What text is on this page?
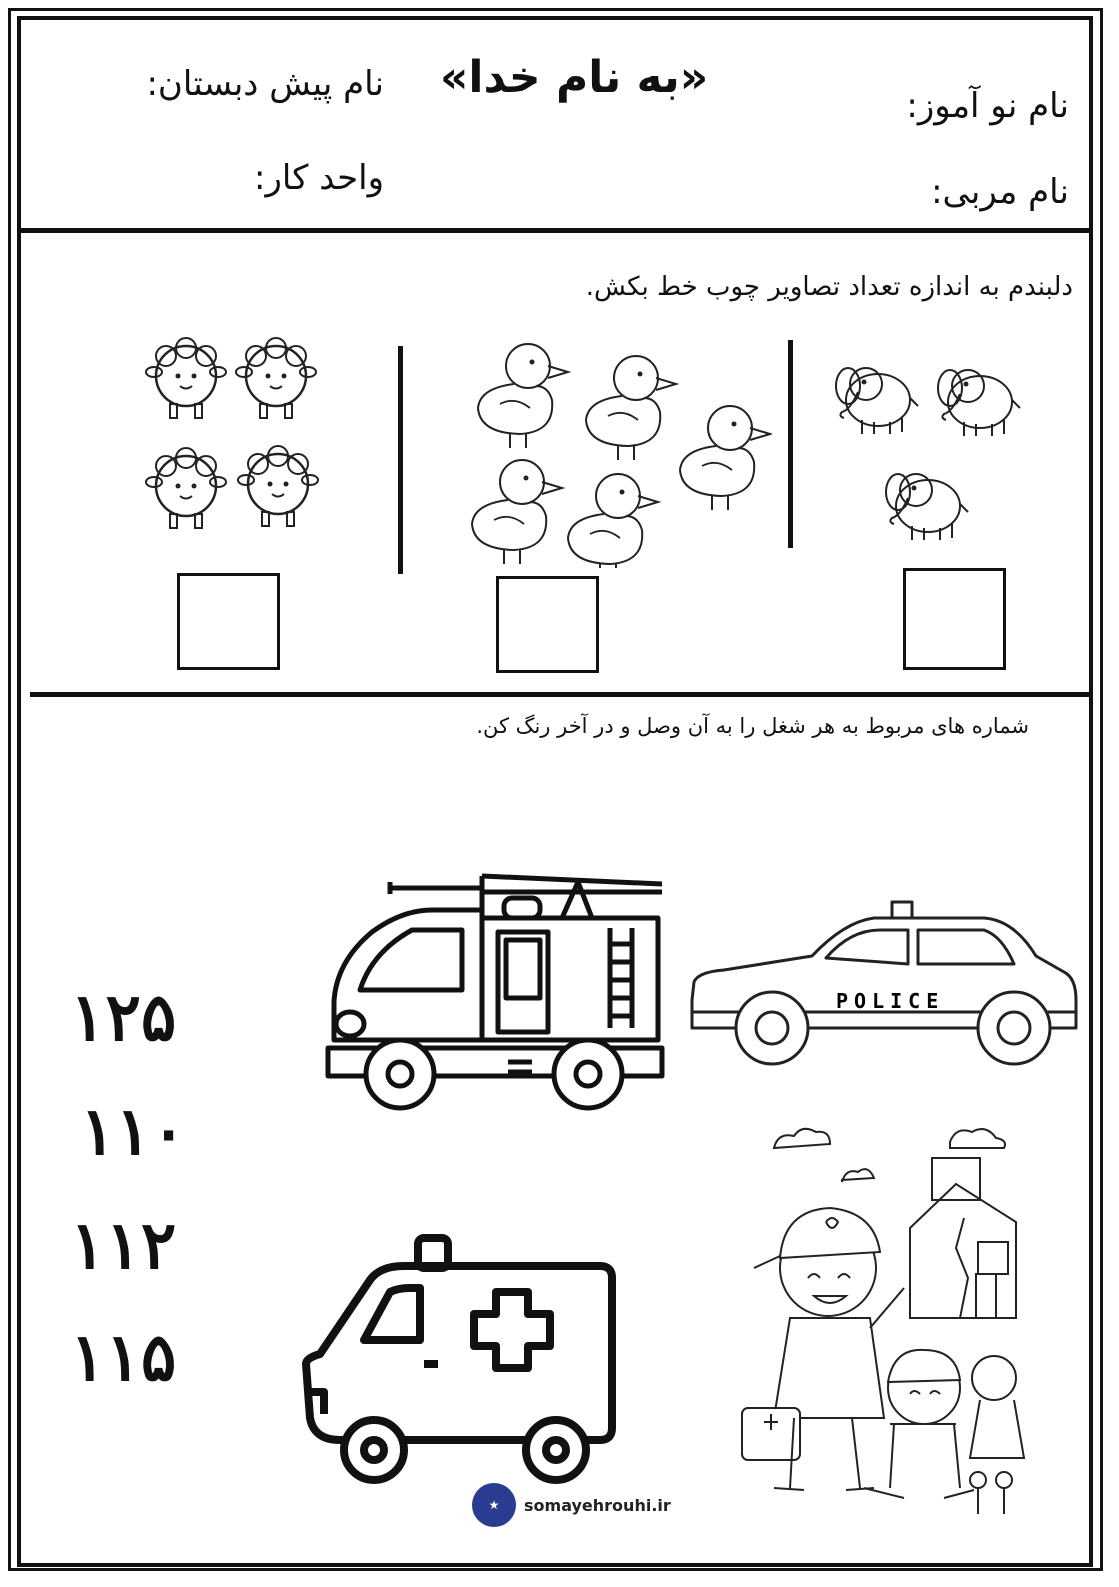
«به نام خدا»
نام پیش دبستان:
واحد کار:
نام نو آموز:
نام مربی:
دلبندم به اندازه تعداد تصاویر چوب خط بکش.
شماره های مربوط به هر شغل را به آن وصل و در آخر رنگ کن.
۱۲۵
۱۱۰
۱۱۲
۱۱۵
POLICE
★	somayehrouhi.ir
